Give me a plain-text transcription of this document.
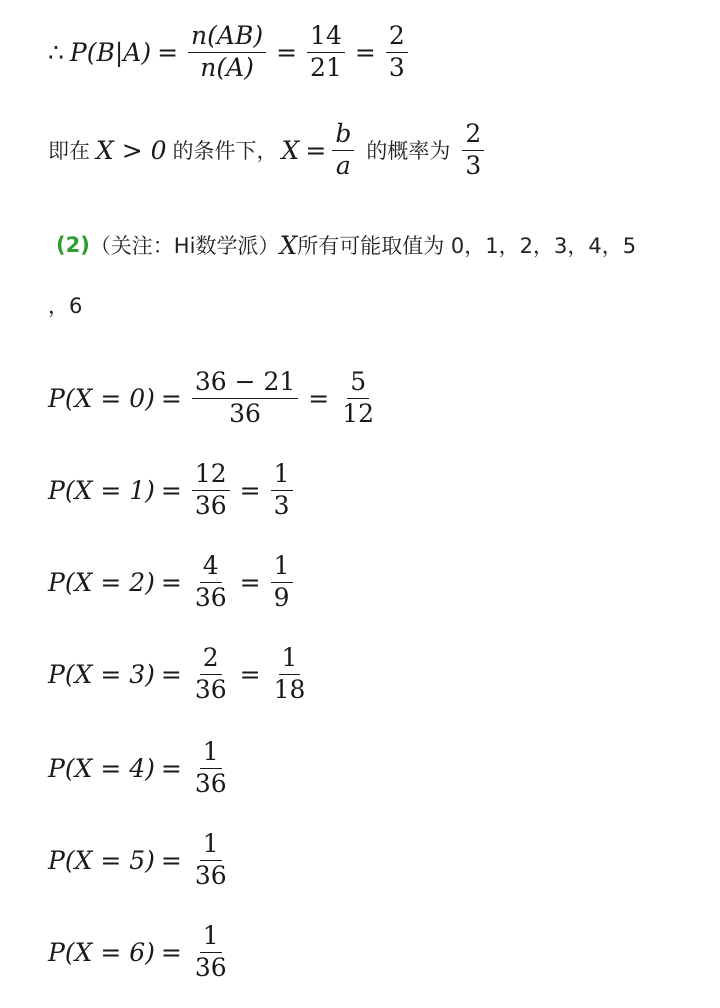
∴ $P(B|A) = \frac{n(AB)}{n(A)} = \frac{14}{21} = \frac{2}{3}$
即在 X > 0 的条件下， $X = \frac{b}{a}$ 的概率为 $\frac{2}{3}$
(2) （关注：Hi数学派） X 所有可能取值为 0，1，2，3，4，5
，6
$P(X = 0) = \frac{36 - 21}{36} = \frac{5}{12}$
$P(X = 1) = \frac{12}{36} = \frac{1}{3}$
$P(X = 2) = \frac{4}{36} = \frac{1}{9}$
$P(X = 3) = \frac{2}{36} = \frac{1}{18}$
$P(X = 4) = \frac{1}{36}$
$P(X = 5) = \frac{1}{36}$
$P(X = 6) = \frac{1}{36}$
